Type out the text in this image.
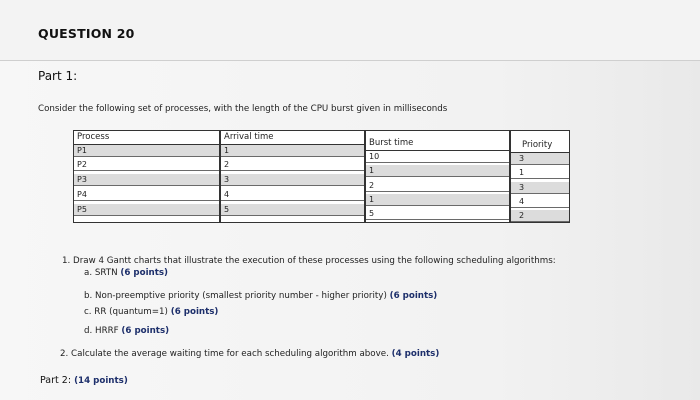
QUESTION 20
Part 1:
Consider the following set of processes, with the length of the CPU burst given in milliseconds
Process
P1
P2
P3
P4
P5
Arrival time
1
2
3
4
5
Burst time
10
1
2
1
5
Priority
3
1
3
4
2
1. Draw 4 Gantt charts that illustrate the execution of these processes using the following scheduling algorithms:
a. SRTN (6 points)
b. Non-preemptive priority (smallest priority number - higher priority) (6 points)
c. RR (quantum=1) (6 points)
d. HRRF (6 points)
2. Calculate the average waiting time for each scheduling algorithm above. (4 points)
Part 2: (14 points)
